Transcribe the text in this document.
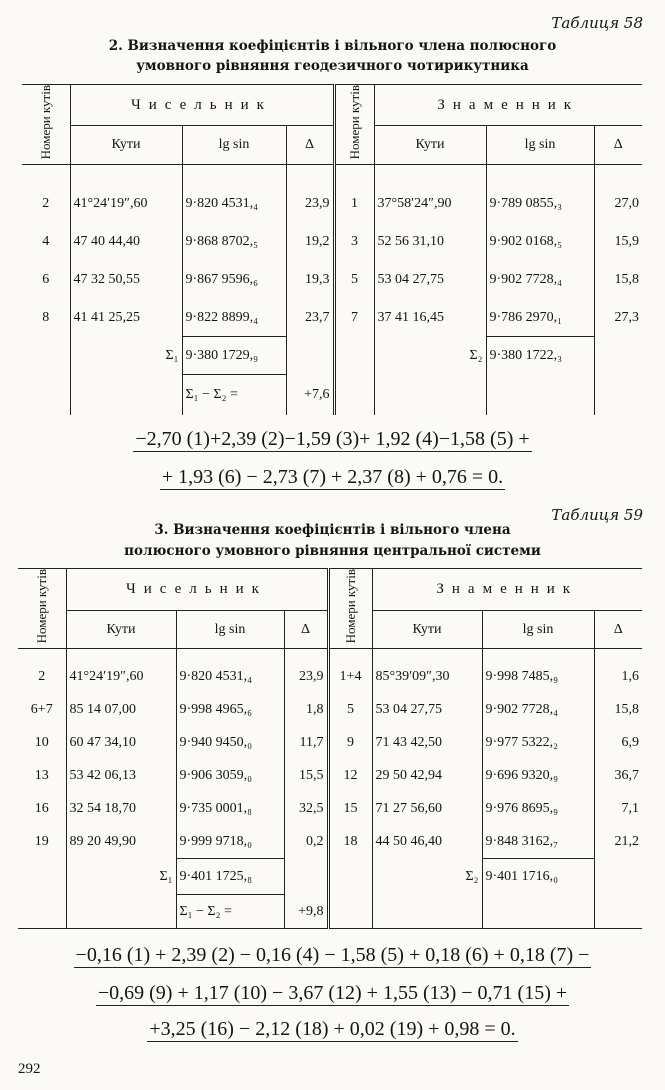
Таблиця 58
2. Визначення коефіцієнтів і вільного члена полюсного
умовного рівняння геодезичного чотирикутника
Номери кутів	Чисельник			Номери кутів	Знаменник		
	Кути	lg sin	Δ		Кути	lg sin	Δ

2	41°24′19″,60	9·820 4531,₄	23,9	1	37°58′24″,90	9·789 0855,₃	27,0
4	47 40 44,40	9·868 8702,₅	19,2	3	52 56 31,10	9·902 0168,₅	15,9
6	47 32 50,55	9·867 9596,₆	19,3	5	53 04 27,75	9·902 7728,₄	15,8
8	41 41 25,25	9·822 8899,₄	23,7	7	37 41 16,45	9·786 2970,₁	27,3
	Σ₁	9·380 1729,₉			Σ₂	9·380 1722,₃	
		Σ₁ − Σ₂ =	+7,6				
−2,70 (1)+2,39 (2)−1,59 (3)+ 1,92 (4)−1,58 (5) +
+ 1,93 (6) − 2,73 (7) + 2,37 (8) + 0,76 = 0.
Таблиця 59
3. Визначення коефіцієнтів і вільного члена
полюсного умовного рівняння центральної системи
Номери кутів	Чисельник			Номери кутів	Знаменник		
	Кути	lg sin	Δ		Кути	lg sin	Δ

2	41°24′19″,60	9·820 4531,₄	23,9	1+4	85°39′09″,30	9·998 7485,₉	1,6
6+7	85 14 07,00	9·998 4965,₆	1,8	5	53 04 27,75	9·902 7728,₄	15,8
10	60 47 34,10	9·940 9450,₀	11,7	9	71 43 42,50	9·977 5322,₂	6,9
13	53 42 06,13	9·906 3059,₀	15,5	12	29 50 42,94	9·696 9320,₉	36,7
16	32 54 18,70	9·735 0001,₈	32,5	15	71 27 56,60	9·976 8695,₉	7,1
19	89 20 49,90	9·999 9718,₀	0,2	18	44 50 46,40	9·848 3162,₇	21,2
	Σ₁	9·401 1725,₈			Σ₂	9·401 1716,₀	
		Σ₁ − Σ₂ =	+9,8				
−0,16 (1) + 2,39 (2) − 0,16 (4) − 1,58 (5) + 0,18 (6) + 0,18 (7) −
−0,69 (9) + 1,17 (10) − 3,67 (12) + 1,55 (13) − 0,71 (15) +
+3,25 (16) − 2,12 (18) + 0,02 (19) + 0,98 = 0.
292
